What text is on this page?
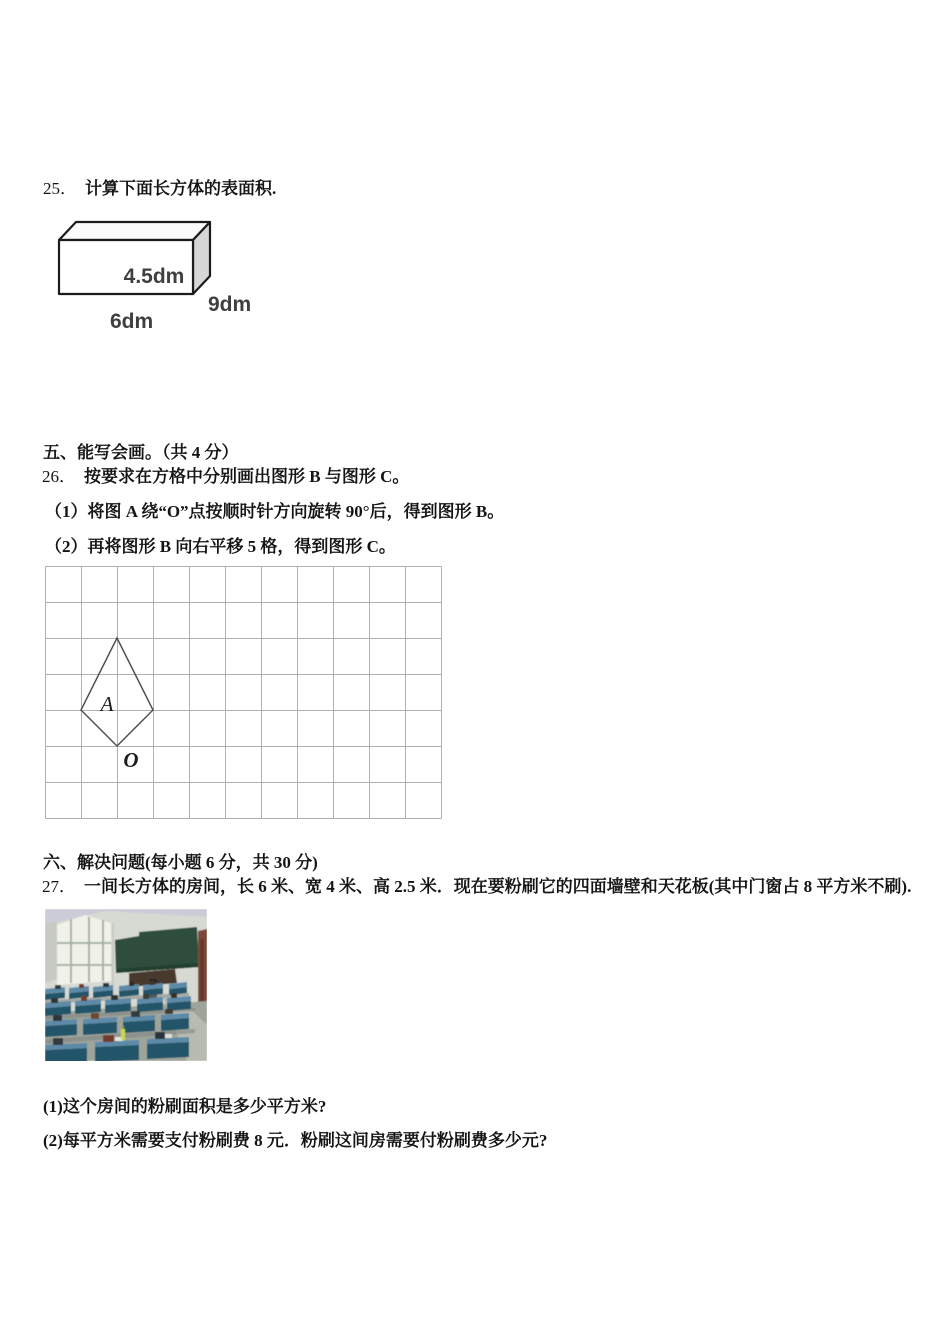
25． 计算下面长方体的表面积.
4.5dm
9dm
6dm
五、能写会画。（共 4 分）
26． 按要求在方格中分别画出图形 B 与图形 C。
（1）将图 A 绕“O”点按顺时针方向旋转 90°后，得到图形 B。
（2）再将图形 B 向右平移 5 格，得到图形 C。
A
O
六、解决问题(每小题 6 分，共 30 分)
27． 一间长方体的房间，长 6 米、宽 4 米、高 2.5 米．现在要粉刷它的四面墙壁和天花板(其中门窗占 8 平方米不刷).
(1)这个房间的粉刷面积是多少平方米?
(2)每平方米需要支付粉刷费 8 元．粉刷这间房需要付粉刷费多少元?
